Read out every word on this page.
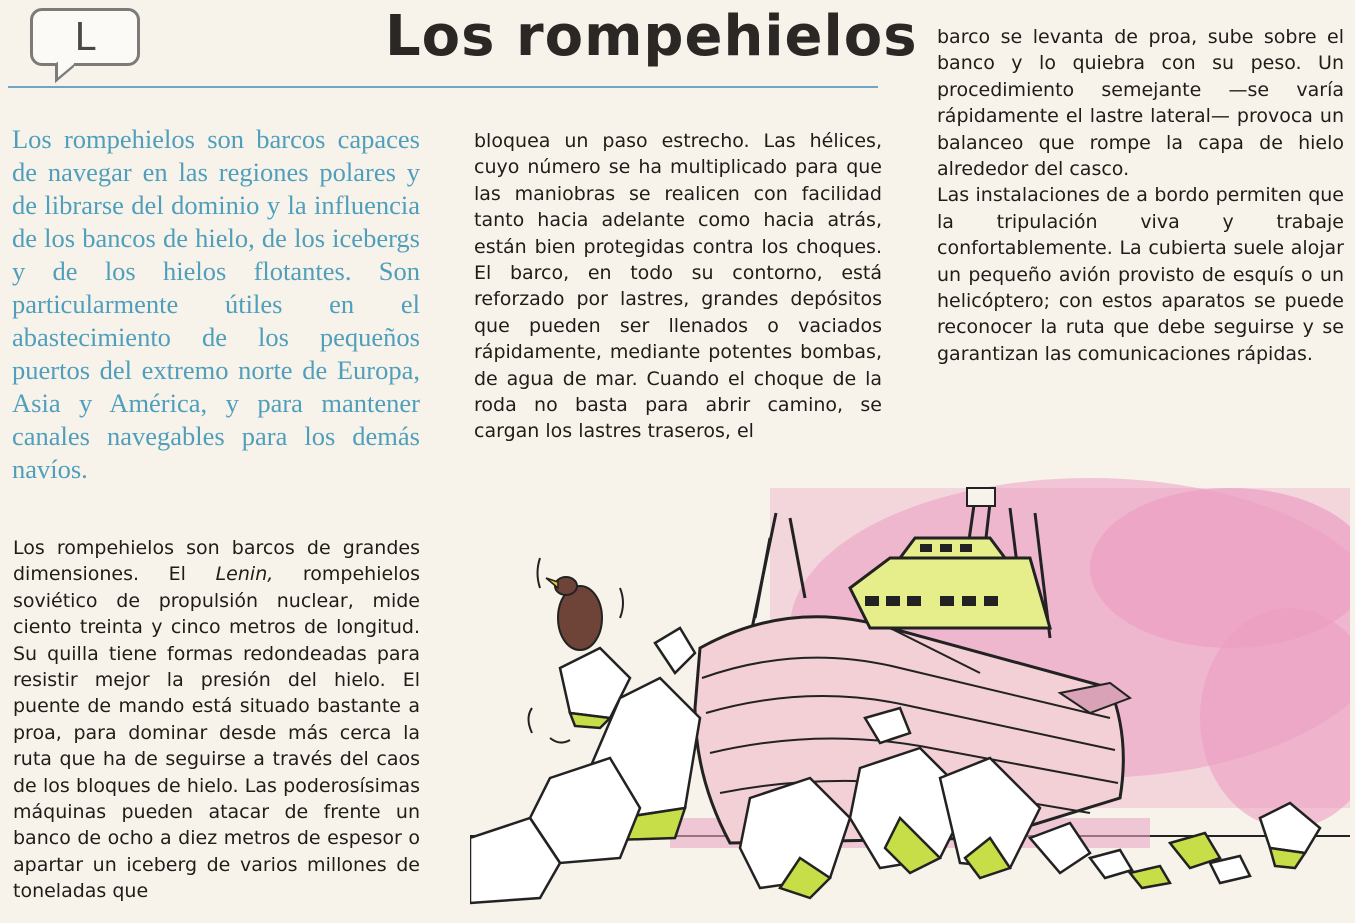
L	Los rompehielos

Los rompehielos son barcos capaces de navegar en las regiones polares y de librarse del dominio y la influencia de los bancos de hielo, de los icebergs y de los hielos flotantes. Son particularmente útiles en el abastecimiento de los pequeños puertos del extremo norte de Europa, Asia y América, y para mantener canales navegables para los demás navíos.

Los rompehielos son barcos de grandes dimensiones. El Lenin, rompehielos soviético de propulsión nuclear, mide ciento treinta y cinco metros de longitud. Su quilla tiene formas redondeadas para resistir mejor la presión del hielo. El puente de mando está situado bastante a proa, para dominar desde más cerca la ruta que ha de seguirse a través del caos de los bloques de hielo. Las poderosísimas máquinas pueden atacar de frente un banco de ocho a diez metros de espesor o apartar un iceberg de varios millones de toneladas que

bloquea un paso estrecho. Las hélices, cuyo número se ha multiplicado para que las maniobras se realicen con facilidad tanto hacia adelante como hacia atrás, están bien protegidas contra los choques. El barco, en todo su contorno, está reforzado por lastres, grandes depósitos que pueden ser llenados o vaciados rápidamente, mediante potentes bombas, de agua de mar. Cuando el choque de la roda no basta para abrir camino, se cargan los lastres traseros, el

barco se levanta de proa, sube sobre el banco y lo quiebra con su peso. Un procedimiento semejante —se varía rápidamente el lastre lateral— provoca un balanceo que rompe la capa de hielo alrededor del casco.

Las instalaciones de a bordo permiten que la tripulación viva y trabaje confortablemente. La cubierta suele alojar un pequeño avión provisto de esquís o un helicóptero; con estos aparatos se puede reconocer la ruta que debe seguirse y se garantizan las comunicaciones rápidas.
